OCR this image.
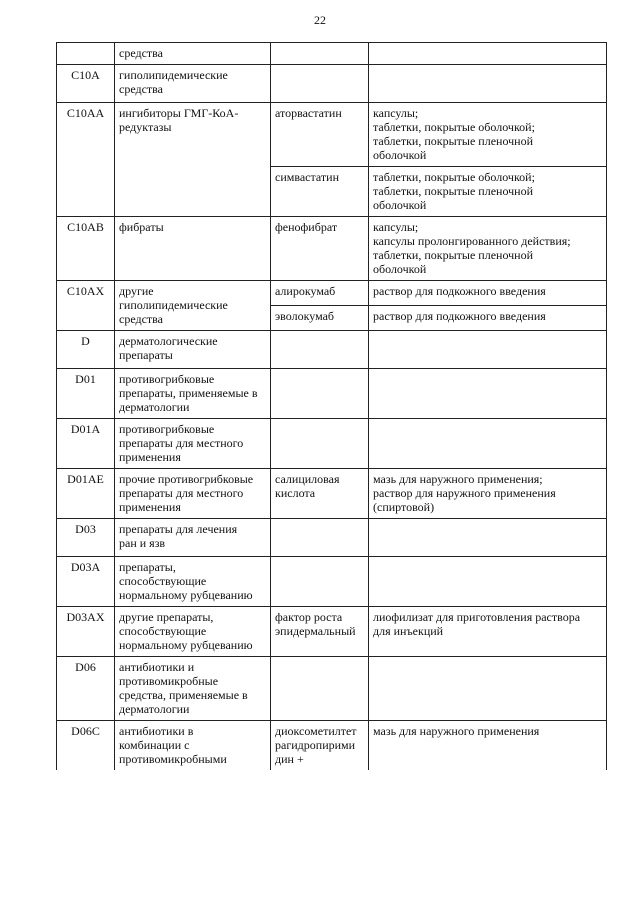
22
	средства		
C10A	гиполипидемические
средства		
C10AA	ингибиторы ГМГ-КоА-
редуктазы	аторвастатин	капсулы;
таблетки, покрытые оболочкой;
таблетки, покрытые пленочной
оболочкой
		симвастатин	таблетки, покрытые оболочкой;
таблетки, покрытые пленочной
оболочкой
C10AB	фибраты	фенофибрат	капсулы;
капсулы пролонгированного действия;
таблетки, покрытые пленочной
оболочкой
C10AX	другие
гиполипидемические
средства	алирокумаб	раствор для подкожного введения
		эволокумаб	раствор для подкожного введения
D	дерматологические
препараты		
D01	противогрибковые
препараты, применяемые в
дерматологии		
D01A	противогрибковые
препараты для местного
применения		
D01AE	прочие противогрибковые
препараты для местного
применения	салициловая
кислота	мазь для наружного применения;
раствор для наружного применения
(спиртовой)
D03	препараты для лечения
ран и язв		
D03A	препараты,
способствующие
нормальному рубцеванию		
D03AX	другие препараты,
способствующие
нормальному рубцеванию	фактор роста
эпидермальный	лиофилизат для приготовления раствора
для инъекций
D06	антибиотики и
противомикробные
средства, применяемые в
дерматологии		
D06C	антибиотики в
комбинации с
противомикробными	диоксометилтет
рагидропирими
дин +	мазь для наружного применения
